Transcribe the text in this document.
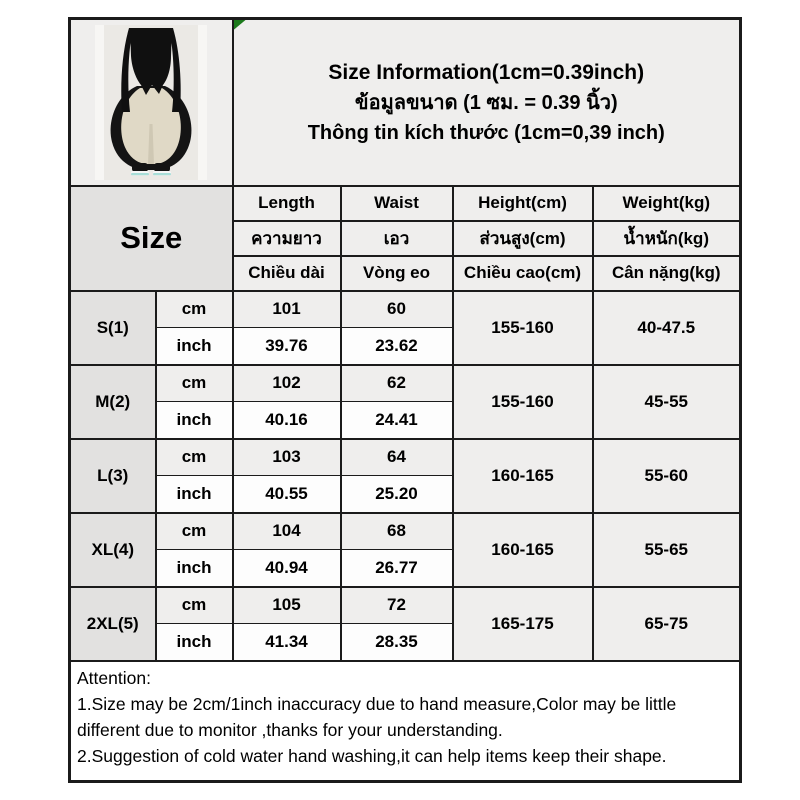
Size Information(1cm=0.39inch)
ข้อมูลขนาด (1 ซม. = 0.39 นิ้ว)
Thông tin kích thước (1cm=0,39 inch)			

Size		Length	Waist	Height(cm)	Weight(kg)
		ความยาว	เอว	ส่วนสูง(cm)	น้ำหนัก(kg)
		Chiều dài	Vòng eo	Chiều cao(cm)	Cân nặng(kg)
S(1)	cm	101	60	155-160	40-47.5
	inch	39.76	23.62		
M(2)	cm	102	62	155-160	45-55
	inch	40.16	24.41		
L(3)	cm	103	64	160-165	55-60
	inch	40.55	25.20		
XL(4)	cm	104	68	160-165	55-65
	inch	40.94	26.77		
2XL(5)	cm	105	72	165-175	65-75
	inch	41.34	28.35		

Attention:
1.Size may be 2cm/1inch inaccuracy due to hand measure,Color may be little different due to monitor ,thanks for your understanding.
2.Suggestion of cold water hand washing,it can help items keep their shape.					
